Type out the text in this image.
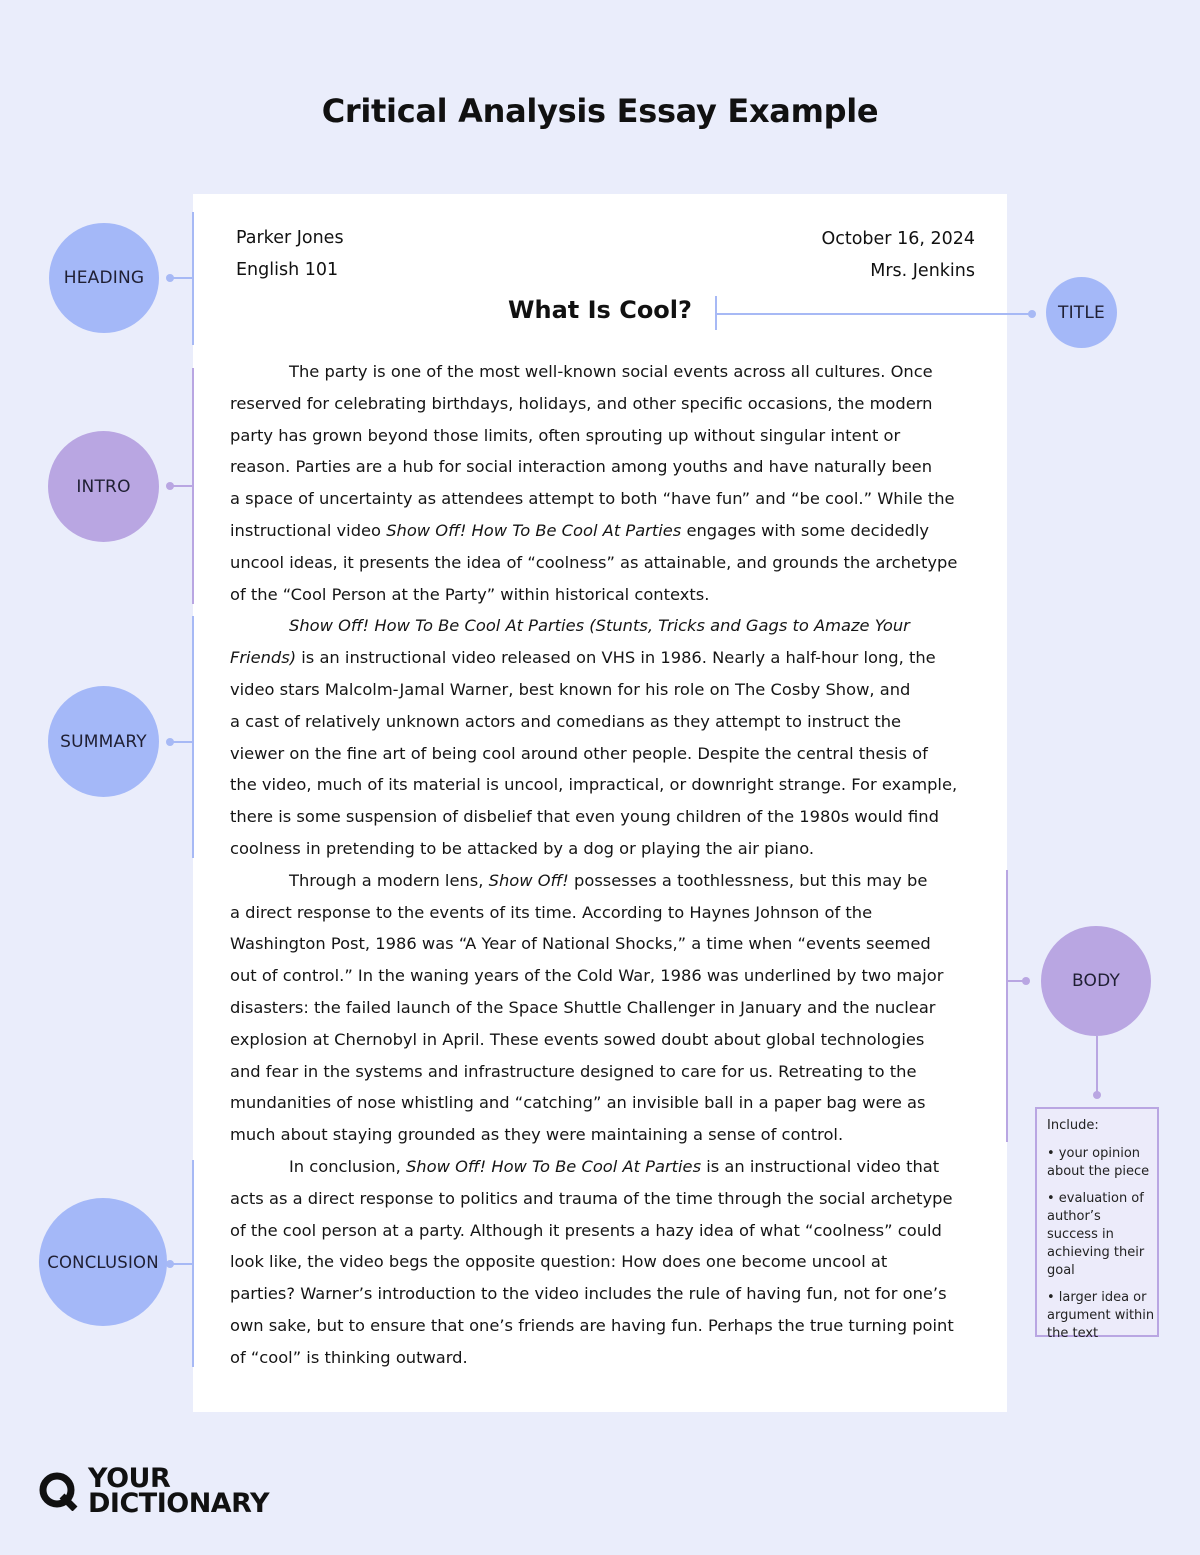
Critical Analysis Essay Example
Parker Jones
English 101
October 16, 2024
Mrs. Jenkins
What Is Cool?

The party is one of the most well-known social events across all cultures. Once
reserved for celebrating birthdays, holidays, and other specific occasions, the modern
party has grown beyond those limits, often sprouting up without singular intent or
reason. Parties are a hub for social interaction among youths and have naturally been
a space of uncertainty as attendees attempt to both “have fun” and “be cool.” While the
instructional video Show Off! How To Be Cool At Parties engages with some decidedly
uncool ideas, it presents the idea of “coolness” as attainable, and grounds the archetype
of the “Cool Person at the Party” within historical contexts.

Show Off! How To Be Cool At Parties (Stunts, Tricks and Gags to Amaze Your
Friends) is an instructional video released on VHS in 1986. Nearly a half-hour long, the
video stars Malcolm-Jamal Warner, best known for his role on The Cosby Show, and
a cast of relatively unknown actors and comedians as they attempt to instruct the
viewer on the fine art of being cool around other people. Despite the central thesis of
the video, much of its material is uncool, impractical, or downright strange. For example,
there is some suspension of disbelief that even young children of the 1980s would find
coolness in pretending to be attacked by a dog or playing the air piano.

Through a modern lens, Show Off! possesses a toothlessness, but this may be
a direct response to the events of its time. According to Haynes Johnson of the
Washington Post, 1986 was “A Year of National Shocks,” a time when “events seemed
out of control.” In the waning years of the Cold War, 1986 was underlined by two major
disasters: the failed launch of the Space Shuttle Challenger in January and the nuclear
explosion at Chernobyl in April. These events sowed doubt about global technologies
and fear in the systems and infrastructure designed to care for us. Retreating to the
mundanities of nose whistling and “catching” an invisible ball in a paper bag were as
much about staying grounded as they were maintaining a sense of control.

In conclusion, Show Off! How To Be Cool At Parties is an instructional video that
acts as a direct response to politics and trauma of the time through the social archetype
of the cool person at a party. Although it presents a hazy idea of what “coolness” could
look like, the video begs the opposite question: How does one become uncool at
parties? Warner’s introduction to the video includes the rule of having fun, not for one’s
own sake, but to ensure that one’s friends are having fun. Perhaps the true turning point
of “cool” is thinking outward.

HEADING
TITLE
INTRO
SUMMARY
BODY
Include:
• your opinion about the piece
• evaluation of author’s success in achieving their goal
• larger idea or argument within the text
CONCLUSION
YOUR
DICTIONARY
